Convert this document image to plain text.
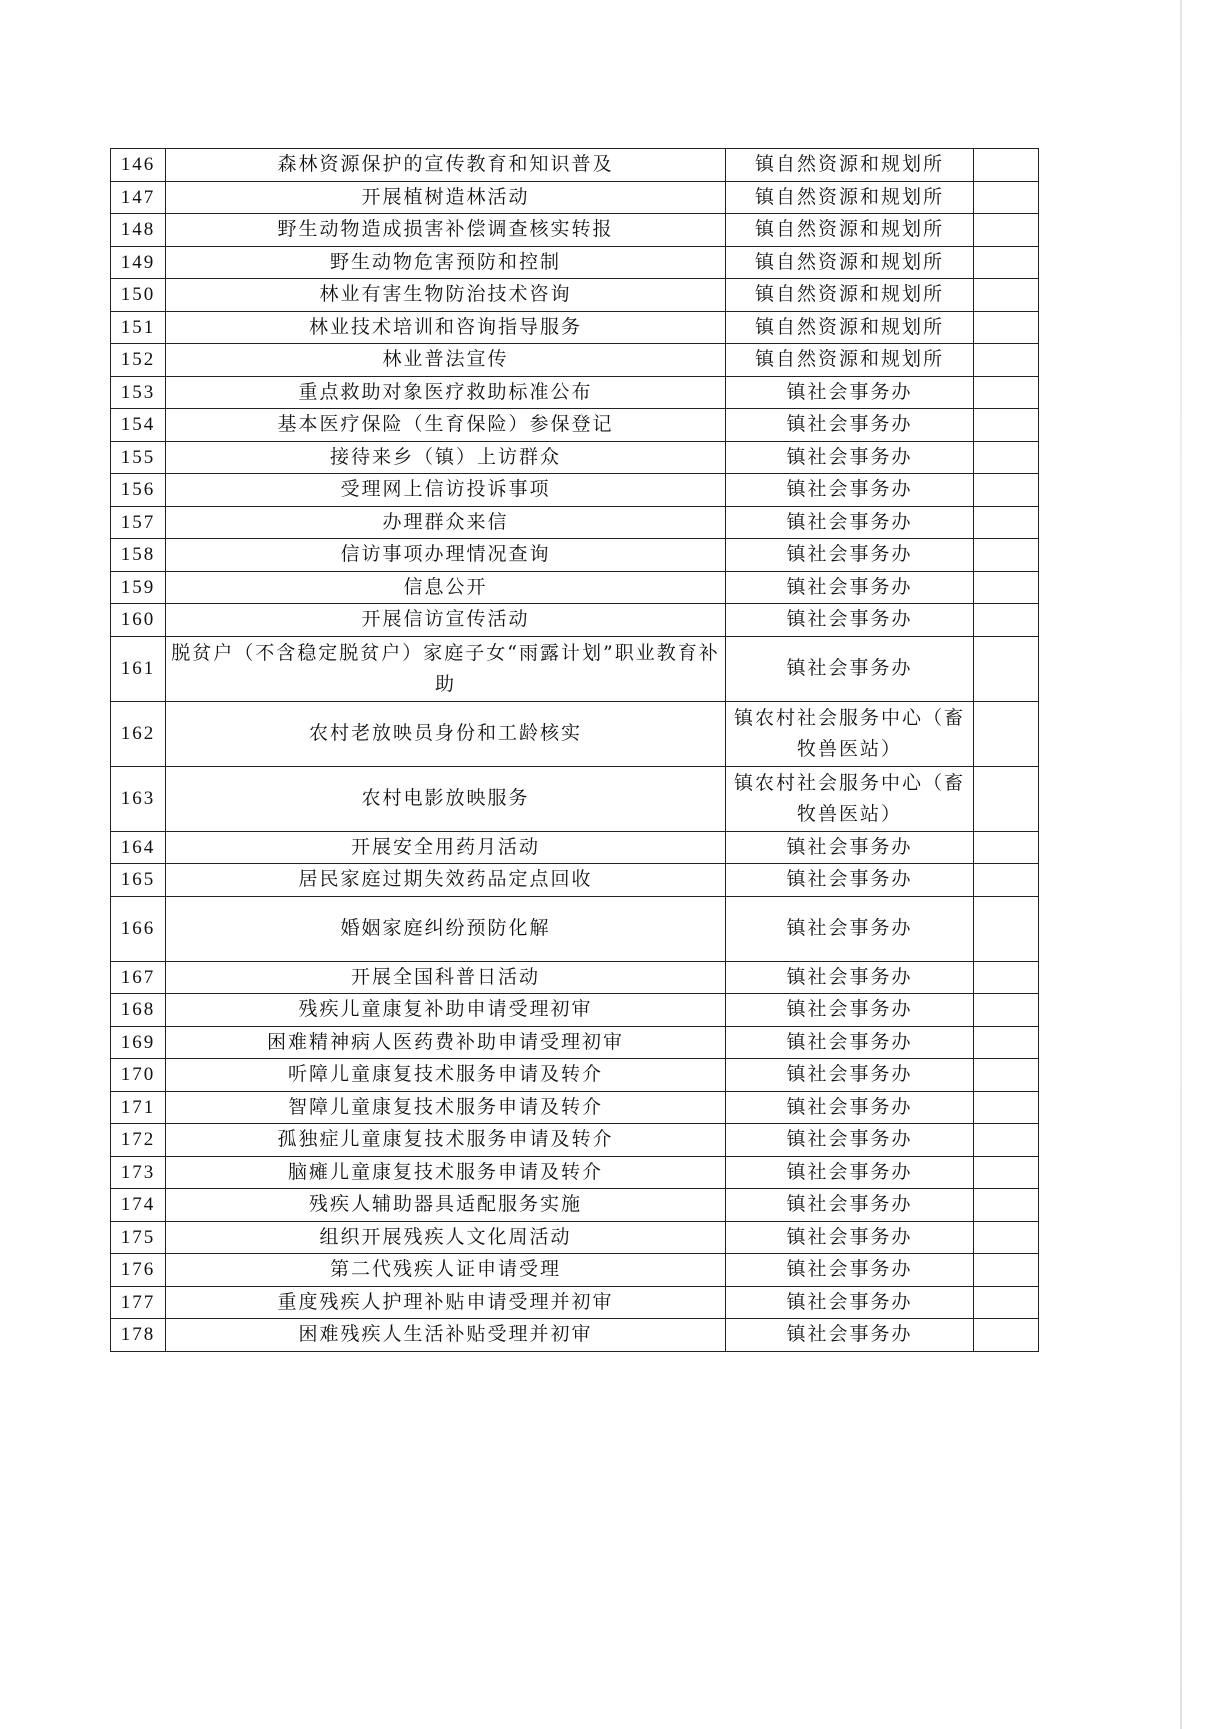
146	森林资源保护的宣传教育和知识普及	镇自然资源和规划所	
147	开展植树造林活动	镇自然资源和规划所	
148	野生动物造成损害补偿调查核实转报	镇自然资源和规划所	
149	野生动物危害预防和控制	镇自然资源和规划所	
150	林业有害生物防治技术咨询	镇自然资源和规划所	
151	林业技术培训和咨询指导服务	镇自然资源和规划所	
152	林业普法宣传	镇自然资源和规划所	
153	重点救助对象医疗救助标准公布	镇社会事务办	
154	基本医疗保险（生育保险）参保登记	镇社会事务办	
155	接待来乡（镇）上访群众	镇社会事务办	
156	受理网上信访投诉事项	镇社会事务办	
157	办理群众来信	镇社会事务办	
158	信访事项办理情况查询	镇社会事务办	
159	信息公开	镇社会事务办	
160	开展信访宣传活动	镇社会事务办	
161	脱贫户（不含稳定脱贫户）家庭子女“雨露计划”职业教育补助	镇社会事务办	
162	农村老放映员身份和工龄核实	镇农村社会服务中心（畜牧兽医站）	
163	农村电影放映服务	镇农村社会服务中心（畜牧兽医站）	
164	开展安全用药月活动	镇社会事务办	
165	居民家庭过期失效药品定点回收	镇社会事务办	
166	婚姻家庭纠纷预防化解	镇社会事务办	
167	开展全国科普日活动	镇社会事务办	
168	残疾儿童康复补助申请受理初审	镇社会事务办	
169	困难精神病人医药费补助申请受理初审	镇社会事务办	
170	听障儿童康复技术服务申请及转介	镇社会事务办	
171	智障儿童康复技术服务申请及转介	镇社会事务办	
172	孤独症儿童康复技术服务申请及转介	镇社会事务办	
173	脑瘫儿童康复技术服务申请及转介	镇社会事务办	
174	残疾人辅助器具适配服务实施	镇社会事务办	
175	组织开展残疾人文化周活动	镇社会事务办	
176	第二代残疾人证申请受理	镇社会事务办	
177	重度残疾人护理补贴申请受理并初审	镇社会事务办	
178	困难残疾人生活补贴受理并初审	镇社会事务办	
